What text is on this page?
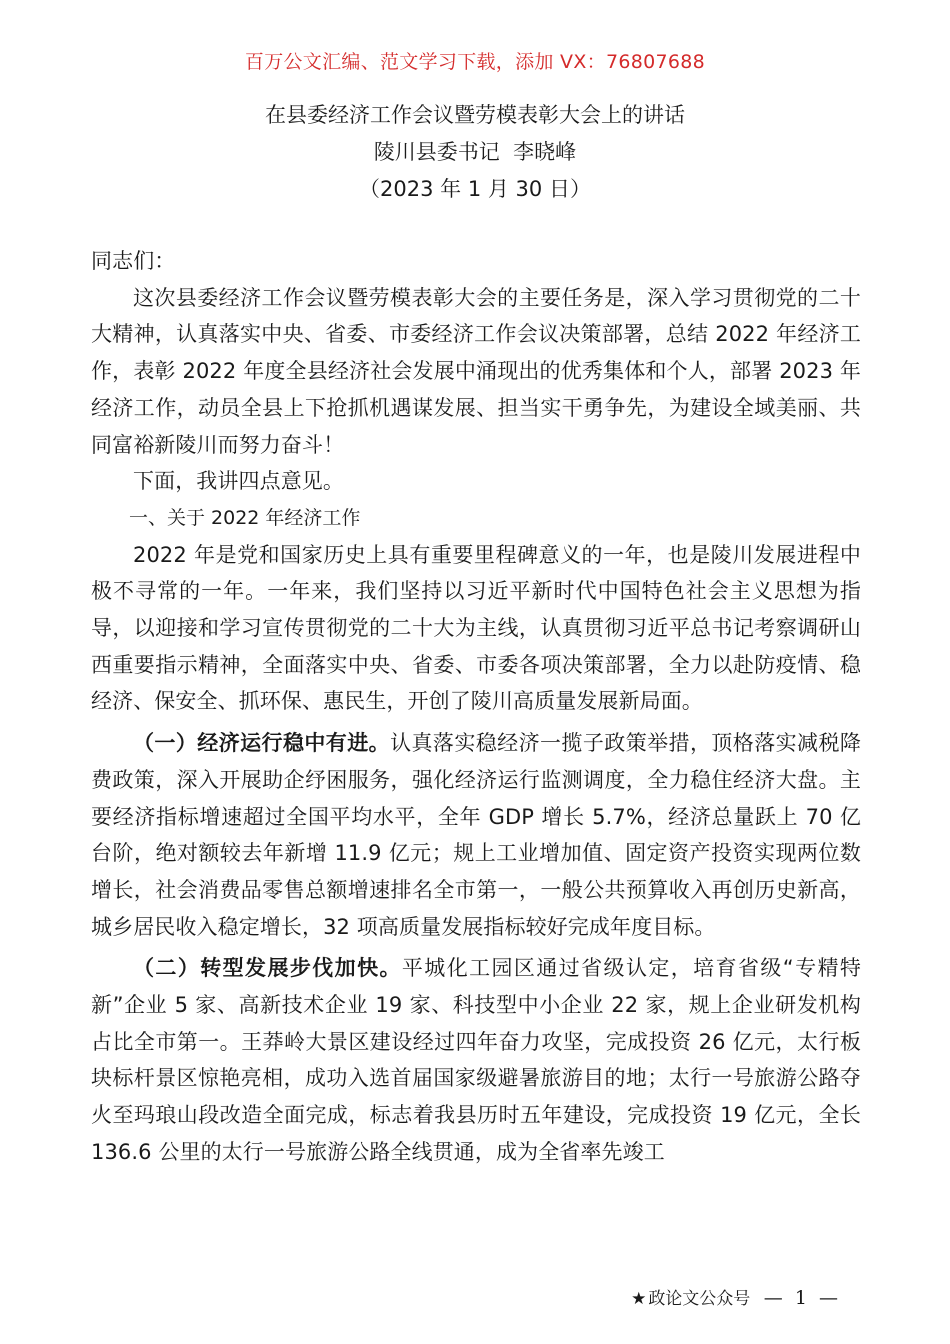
百万公文汇编、范文学习下载，添加 VX：76807688
在县委经济工作会议暨劳模表彰大会上的讲话
陵川县委书记  李晓峰
（2023 年 1 月 30 日）

同志们：

这次县委经济工作会议暨劳模表彰大会的主要任务是，深入学习贯彻党的二十大精神，认真落实中央、省委、市委经济工作会议决策部署，总结 2022 年经济工作，表彰 2022 年度全县经济社会发展中涌现出的优秀集体和个人，部署 2023 年经济工作，动员全县上下抢抓机遇谋发展、担当实干勇争先，为建设全域美丽、共同富裕新陵川而努力奋斗！

下面，我讲四点意见。

一、关于 2022 年经济工作

2022 年是党和国家历史上具有重要里程碑意义的一年，也是陵川发展进程中极不寻常的一年。一年来，我们坚持以习近平新时代中国特色社会主义思想为指导，以迎接和学习宣传贯彻党的二十大为主线，认真贯彻习近平总书记考察调研山西重要指示精神，全面落实中央、省委、市委各项决策部署，全力以赴防疫情、稳经济、保安全、抓环保、惠民生，开创了陵川高质量发展新局面。

（一）经济运行稳中有进。认真落实稳经济一揽子政策举措，顶格落实减税降费政策，深入开展助企纾困服务，强化经济运行监测调度，全力稳住经济大盘。主要经济指标增速超过全国平均水平，全年 GDP 增长 5.7%，经济总量跃上 70 亿台阶，绝对额较去年新增 11.9 亿元；规上工业增加值、固定资产投资实现两位数增长，社会消费品零售总额增速排名全市第一，一般公共预算收入再创历史新高，城乡居民收入稳定增长，32 项高质量发展指标较好完成年度目标。

（二）转型发展步伐加快。平城化工园区通过省级认定，培育省级“专精特新”企业 5 家、高新技术企业 19 家、科技型中小企业 22 家，规上企业研发机构占比全市第一。王莽岭大景区建设经过四年奋力攻坚，完成投资 26 亿元，太行板块标杆景区惊艳亮相，成功入选首届国家级避暑旅游目的地；太行一号旅游公路夺火至玛琅山段改造全面完成，标志着我县历时五年建设，完成投资 19 亿元，全长 136.6 公里的太行一号旅游公路全线贯通，成为全省率先竣工

★ 政论文公众号 — 1 —
